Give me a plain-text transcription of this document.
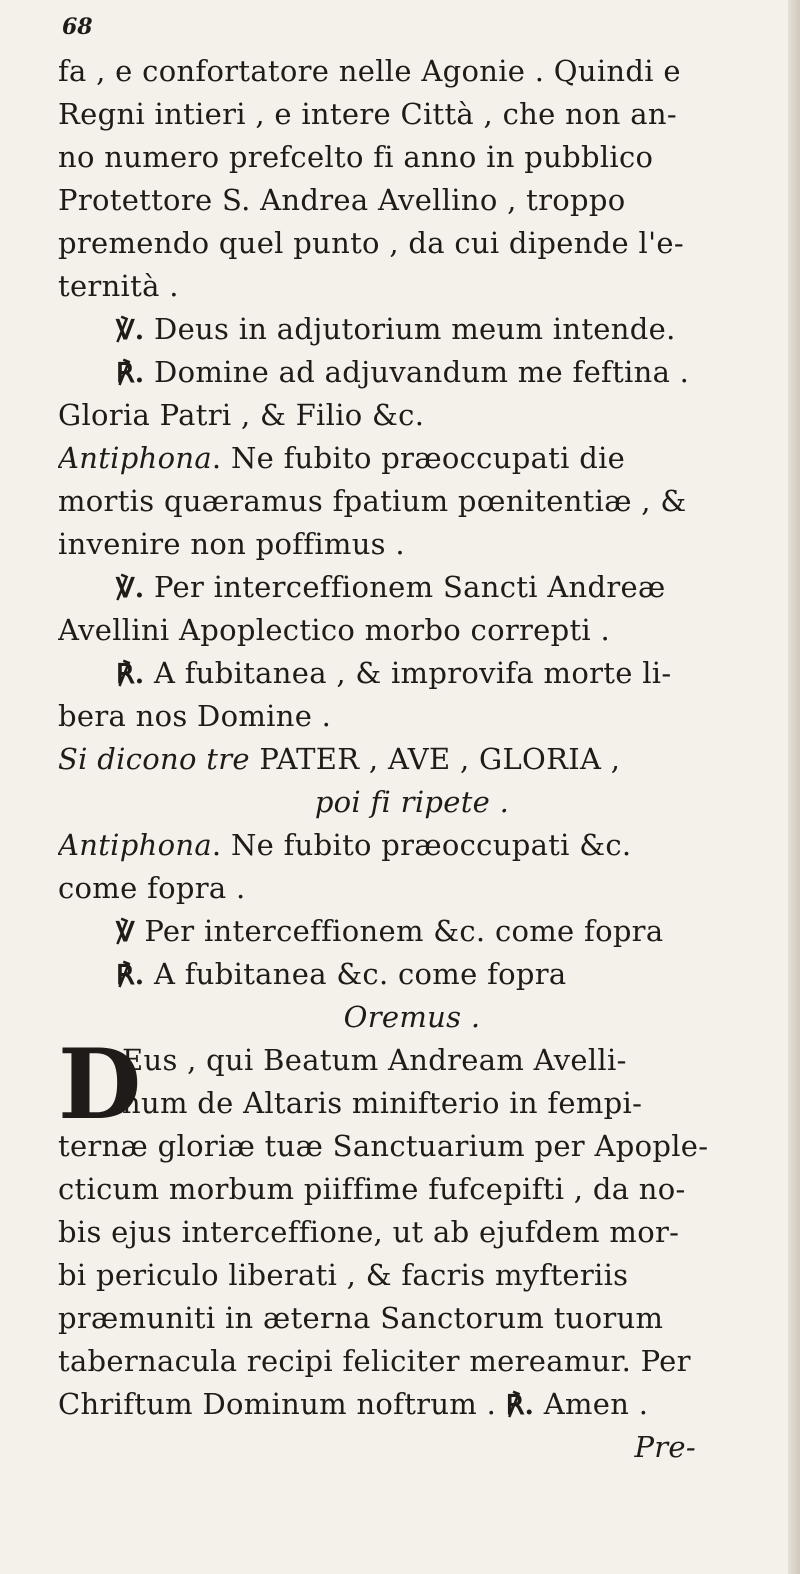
68
fa , e confortatore nelle Agonie . Quindi e
Regni intieri , e intere Città , che non an-
no numero prefcelto fi anno in pubblico
Protettore S. Andrea Avellino , troppo
premendo quel punto , da cui dipende l'e-
ternità .
℣. Deus in adjutorium meum intende.
℟. Domine ad adjuvandum me feftina .
Gloria Patri , & Filio &c.
Antiphona. Ne fubito præoccupati die
mortis quæramus fpatium pœnitentiæ , &
invenire non poffimus .
℣. Per interceffionem Sancti Andreæ
Avellini Apoplectico morbo correpti .
℟. A fubitanea , & improvifa morte li-
bera nos Domine .
Si dicono tre PATER , AVE , GLORIA ,
poi fi ripete .
Antiphona. Ne fubito præoccupati &c.
come fopra .
℣ Per interceffionem &c. come fopra
℟. A fubitanea &c. come fopra
Oremus .
D
Eus , qui Beatum Andream Avelli-
num de Altaris minifterio in fempi-
ternæ gloriæ tuæ Sanctuarium per Apople-
cticum morbum piiffime fufcepifti , da no-
bis ejus interceffione, ut ab ejufdem mor-
bi periculo liberati , & facris myfteriis
præmuniti in æterna Sanctorum tuorum
tabernacula recipi feliciter mereamur. Per
Chriftum Dominum noftrum . ℟. Amen .
Pre-
